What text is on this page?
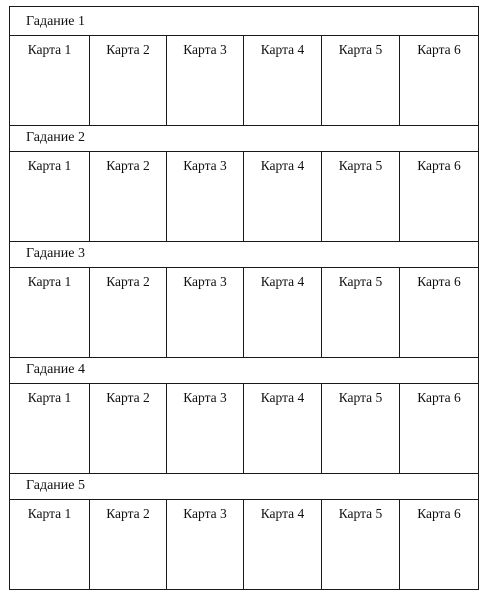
Гадание 1
Карта 1	Карта 2	Карта 3	Карта 4	Карта 5	Карта 6
Гадание 2
Карта 1	Карта 2	Карта 3	Карта 4	Карта 5	Карта 6
Гадание 3
Карта 1	Карта 2	Карта 3	Карта 4	Карта 5	Карта 6
Гадание 4
Карта 1	Карта 2	Карта 3	Карта 4	Карта 5	Карта 6
Гадание 5
Карта 1	Карта 2	Карта 3	Карта 4	Карта 5	Карта 6
